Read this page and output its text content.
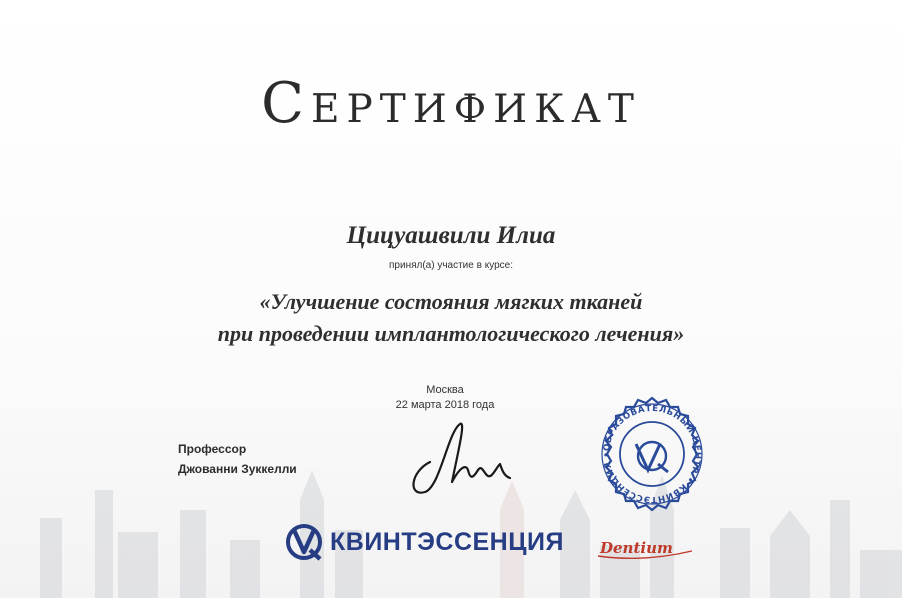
Сертификат
Цицуашвили Илиа
принял(а) участие в курсе:
«Улучшение состояния мягких тканей
при проведении имплантологического лечения»
Москва
22 марта 2018 года
Профессор
Джованни Зуккелли
ОБРАЗОВАТЕЛЬНЫЙ ЦЕНТР • КВИНТЭССЕНЦИЯ •
КВИНТЭССЕНЦИЯ Dentium
